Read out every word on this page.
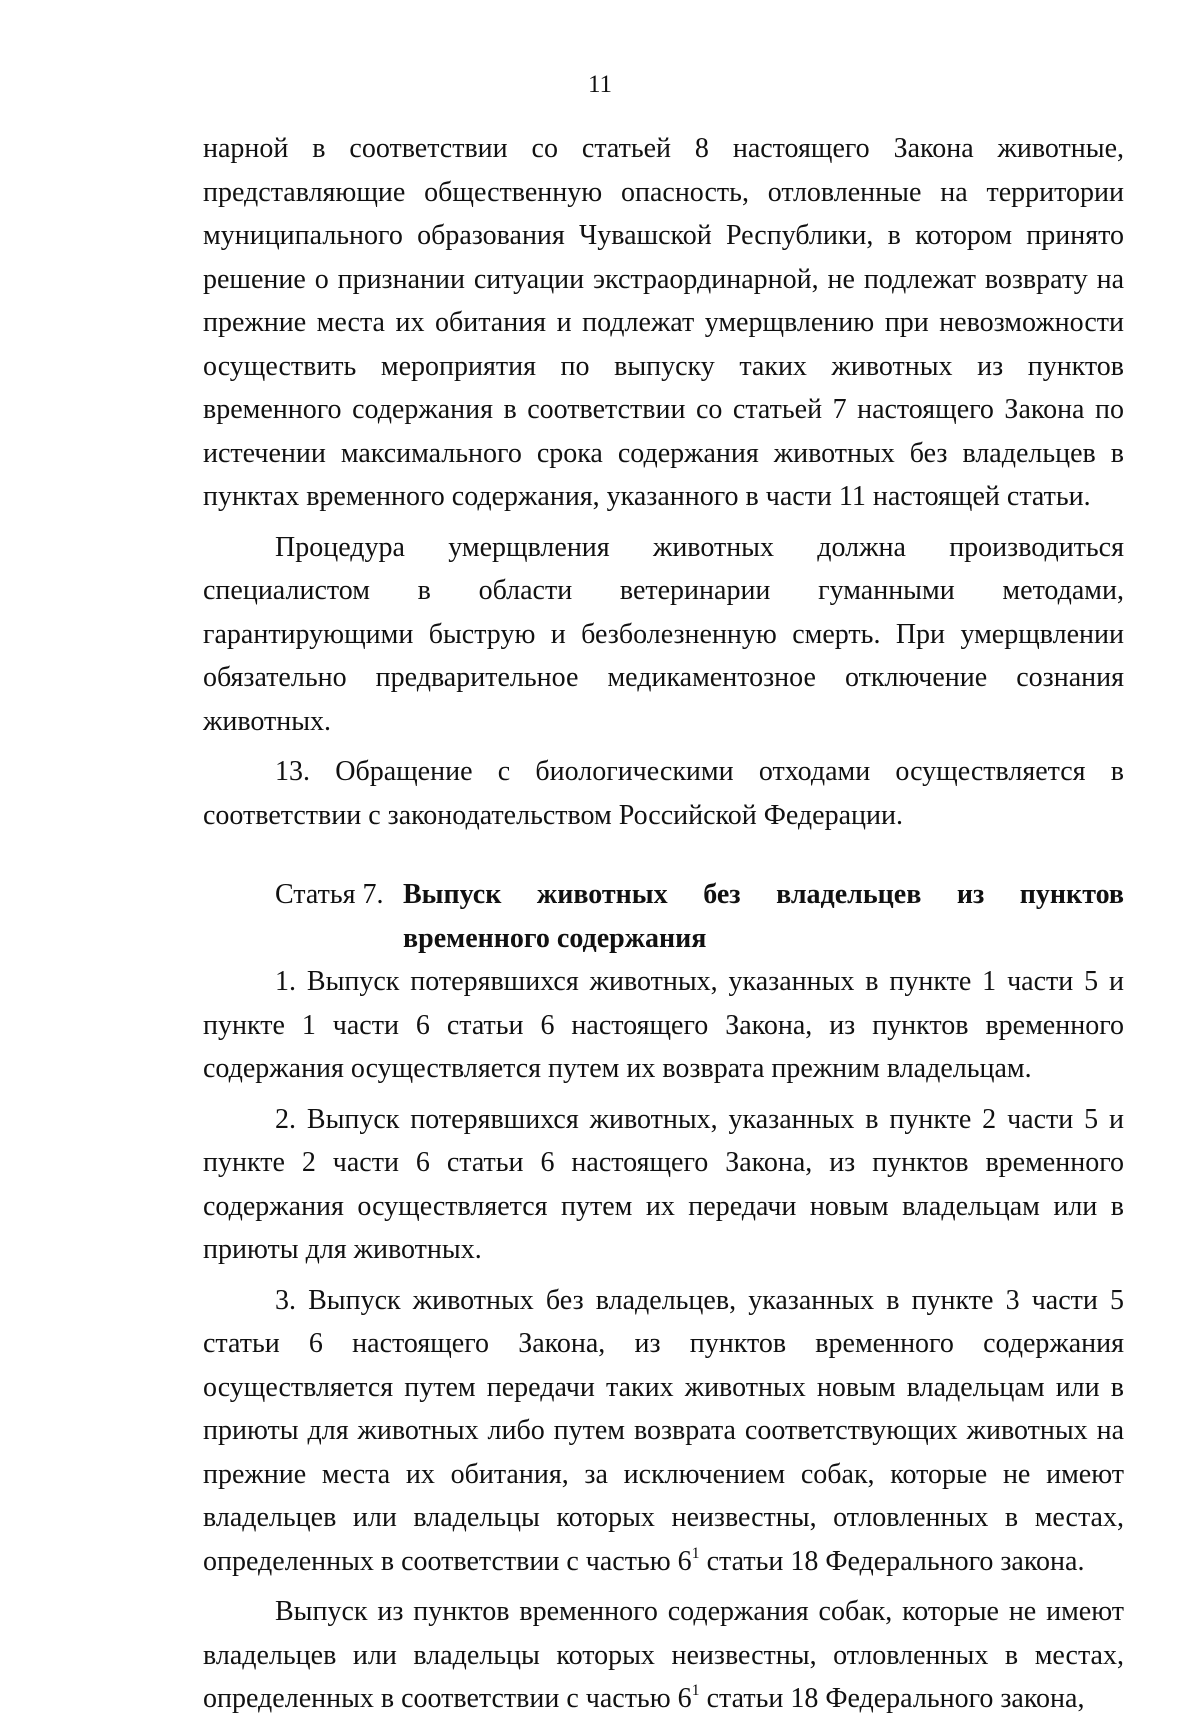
11

нарной в соответствии со статьей 8 настоящего Закона животные, представляющие общественную опасность, отловленные на территории муниципального образования Чувашской Республики, в котором принято решение о признании ситуации экстраординарной, не подлежат возврату на прежние места их обитания и подлежат умерщвлению при невозможности осуществить мероприятия по выпуску таких животных из пунктов временного содержания в соответствии со статьей 7 настоящего Закона по истечении максимального срока содержания животных без владельцев в пунктах временного содержания, указанного в части 11 настоящей статьи.

Процедура умерщвления животных должна производиться специалистом в области ветеринарии гуманными методами, гарантирующими быструю и безболезненную смерть. При умерщвлении обязательно предварительное медикаментозное отключение сознания животных.

13. Обращение с биологическими отходами осуществляется в соответствии с законодательством Российской Федерации.

Статья 7. Выпуск животных без владельцев из пунктов временного содержания

1. Выпуск потерявшихся животных, указанных в пункте 1 части 5 и пункте 1 части 6 статьи 6 настоящего Закона, из пунктов временного содержания осуществляется путем их возврата прежним владельцам.

2. Выпуск потерявшихся животных, указанных в пункте 2 части 5 и пункте 2 части 6 статьи 6 настоящего Закона, из пунктов временного содержания осуществляется путем их передачи новым владельцам или в приюты для животных.

3. Выпуск животных без владельцев, указанных в пункте 3 части 5 статьи 6 настоящего Закона, из пунктов временного содержания осуществляется путем передачи таких животных новым владельцам или в приюты для животных либо путем возврата соответствующих животных на прежние места их обитания, за исключением собак, которые не имеют владельцев или владельцы которых неизвестны, отловленных в местах, определенных в соответствии с частью $6^1$ статьи 18 Федерального закона.

Выпуск из пунктов временного содержания собак, которые не имеют владельцев или владельцы которых неизвестны, отловленных в местах, определенных в соответствии с частью $6^1$ статьи 18 Федерального закона,
